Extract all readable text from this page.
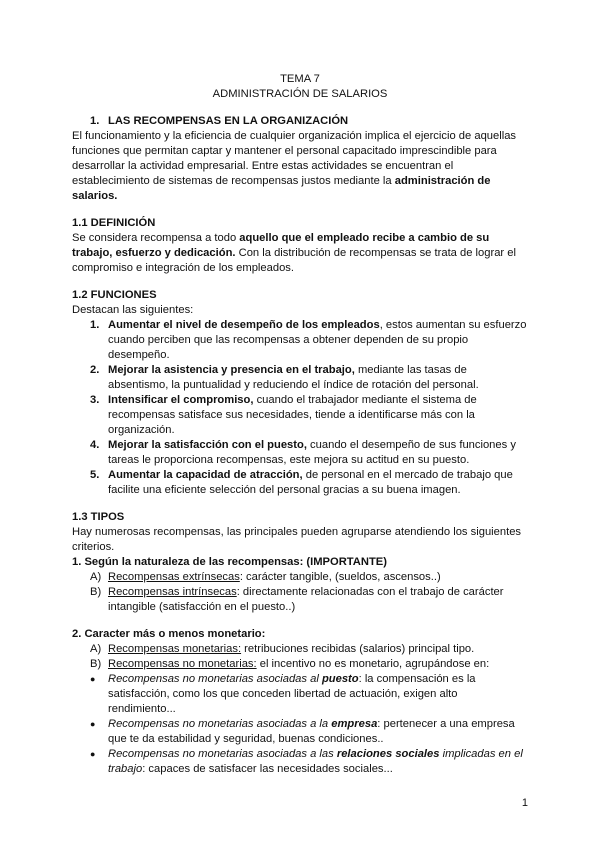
TEMA 7
ADMINISTRACIÓN DE SALARIOS
1. LAS RECOMPENSAS EN LA ORGANIZACIÓN

El funcionamiento y la eficiencia de cualquier organización implica el ejercicio de aquellas funciones que permitan captar y mantener el personal capacitado imprescindible para desarrollar la actividad empresarial. Entre estas actividades se encuentran el establecimiento de sistemas de recompensas justos mediante la administración de salarios.

1.1 DEFINICIÓN

Se considera recompensa a todo aquello que el empleado recibe a cambio de su trabajo, esfuerzo y dedicación. Con la distribución de recompensas se trata de lograr el compromiso e integración de los empleados.

1.2 FUNCIONES

Destacan las siguientes:

1. Aumentar el nivel de desempeño de los empleados, estos aumentan su esfuerzo cuando perciben que las recompensas a obtener dependen de su propio desempeño.
2. Mejorar la asistencia y presencia en el trabajo, mediante las tasas de absentismo, la puntualidad y reduciendo el índice de rotación del personal.
3. Intensificar el compromiso, cuando el trabajador mediante el sistema de recompensas satisface sus necesidades, tiende a identificarse más con la organización.
4. Mejorar la satisfacción con el puesto, cuando el desempeño de sus funciones y tareas le proporciona recompensas, este mejora su actitud en su puesto.
5. Aumentar la capacidad de atracción, de personal en el mercado de trabajo que facilite una eficiente selección del personal gracias a su buena imagen.

1.3 TIPOS

Hay numerosas recompensas, las principales pueden agruparse atendiendo los siguientes criterios.

1. Según la naturaleza de las recompensas: (IMPORTANTE)

A) Recompensas extrínsecas: carácter tangible, (sueldos, ascensos..)
B) Recompensas intrínsecas: directamente relacionadas con el trabajo de carácter intangible (satisfacción en el puesto..)

2. Caracter más o menos monetario:

A) Recompensas monetarias: retribuciones recibidas (salarios) principal tipo.
B) Recompensas no monetarias: el incentivo no es monetario, agrupándose en:
●	Recompensas no monetarias asociadas al puesto: la compensación es la satisfacción, como los que conceden libertad de actuación, exigen alto rendimiento...
●	Recompensas no monetarias asociadas a la empresa: pertenecer a una empresa que te da estabilidad y seguridad, buenas condiciones..
●	Recompensas no monetarias asociadas a las relaciones sociales implicadas en el trabajo: capaces de satisfacer las necesidades sociales...
1
